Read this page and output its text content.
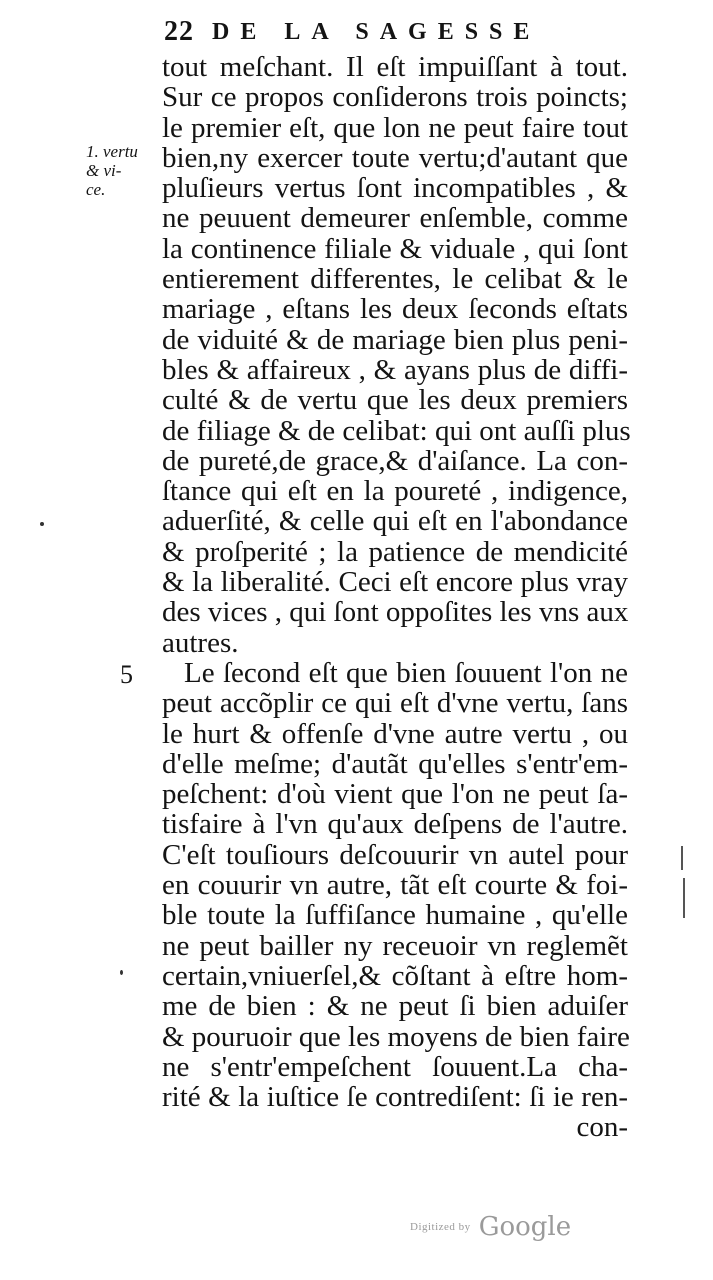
22 DE LA SAGESSE
1. vertu
& vi-
ce.
5
tout meſchant. Il eſt impuiſſant à tout.
Sur ce propos conſiderons trois poincts;
le premier eſt, que lon ne peut faire tout
bien,ny exercer toute vertu;d'autant que
pluſieurs vertus ſont incompatibles , &
ne peuuent demeurer enſemble, comme
la continence filiale & viduale , qui ſont
entierement differentes, le celibat & le
mariage , eſtans les deux ſeconds eſtats
de viduité & de mariage bien plus peni-
bles & affaireux , & ayans plus de diffi-
culté & de vertu que les deux premiers
de filiage & de celibat: qui ont auſſi plus
de pureté,de grace,& d'aiſance. La con-
ſtance qui eſt en la poureté , indigence,
aduerſité, & celle qui eſt en l'abondance
& proſperité ; la patience de mendicité
& la liberalité. Ceci eſt encore plus vray
des vices , qui ſont oppoſites les vns aux
autres.
Le ſecond eſt que bien ſouuent l'on ne
peut accõplir ce qui eſt d'vne vertu, ſans
le hurt & offenſe d'vne autre vertu , ou
d'elle meſme; d'autãt qu'elles s'entr'em-
peſchent: d'où vient que l'on ne peut ſa-
tisfaire à l'vn qu'aux deſpens de l'autre.
C'eſt touſiours deſcouurir vn autel pour
en couurir vn autre, tãt eſt courte & foi-
ble toute la ſuffiſance humaine , qu'elle
ne peut bailler ny receuoir vn reglemẽt
certain,vniuerſel,& cõſtant à eſtre hom-
me de bien : & ne peut ſi bien aduiſer
& pouruoir que les moyens de bien faire
ne s'entr'empeſchent ſouuent.La cha-
rité & la iuſtice ſe contrediſent: ſi ie ren-
con-
Digitized by Google
